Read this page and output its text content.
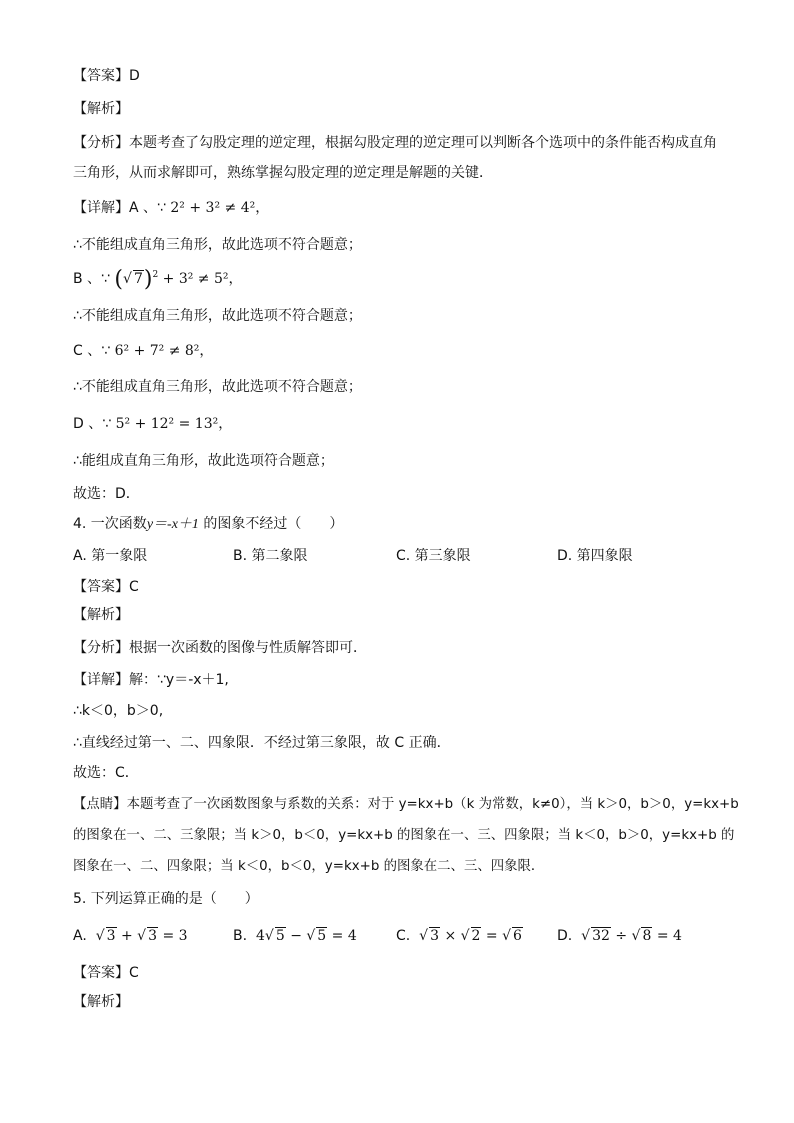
【答案】D
【解析】
【分析】本题考查了勾股定理的逆定理，根据勾股定理的逆定理可以判断各个选项中的条件能否构成直角
三角形，从而求解即可，熟练掌握勾股定理的逆定理是解题的关键．
【详解】A 、∵ 2² + 3² ≠ 4²，
∴不能组成直角三角形，故此选项不符合题意；
B 、∵ (√ 7)$^2$ + 3² ≠ 5²，
∴不能组成直角三角形，故此选项不符合题意；
C 、∵ 6² + 7² ≠ 8²，
∴不能组成直角三角形，故此选项不符合题意；
D 、∵ 5² + 12² = 13²，
∴能组成直角三角形，故此选项符合题意；
故选：D．
4. 一次函数y＝-x＋1 的图象不经过（　　）
A. 第一象限	B. 第二象限	C. 第三象限	D. 第四象限
【答案】C
【解析】
【分析】根据一次函数的图像与性质解答即可．
【详解】解：∵y＝-x＋1,
∴k＜0，b＞0,
∴直线经过第一、二、四象限．不经过第三象限，故 C 正确．
故选：C．
【点睛】本题考查了一次函数图象与系数的关系：对于 y=kx+b（k 为常数，k≠0），当 k＞0，b＞0，y=kx+b
的图象在一、二、三象限；当 k＞0，b＜0，y=kx+b 的图象在一、三、四象限；当 k＜0，b＞0，y=kx+b 的
图象在一、二、四象限；当 k＜0，b＜0，y=kx+b 的图象在二、三、四象限．
5. 下列运算正确的是（　　）
A. √ 3 + √ 3 = 3	B. 4√ 5 − √ 5 = 4	C. √ 3 × √ 2 = √ 6	D. √ 32 ÷ √ 8 = 4
【答案】C
【解析】
